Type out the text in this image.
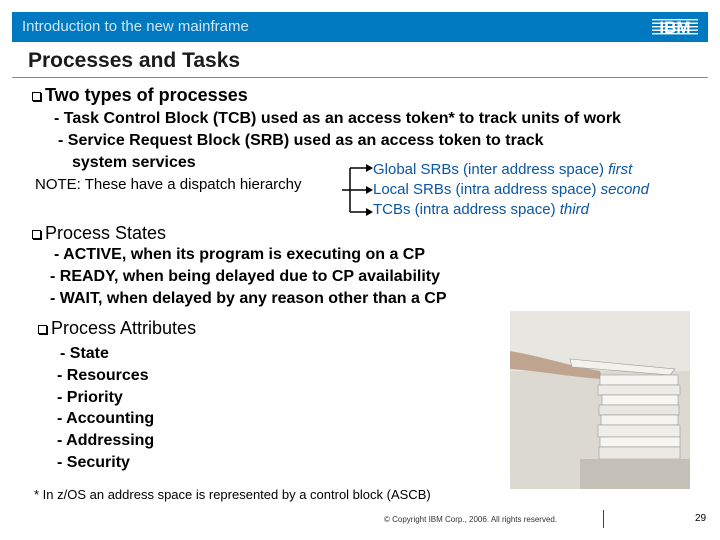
Introduction to the new mainframe	IBM
Processes and Tasks
Two types of processes
- Task Control Block (TCB) used as an access token* to track units of work
- Service Request Block (SRB) used as an access token to track
system services
NOTE: These have a dispatch hierarchy
Global SRBs (inter address space) first
Local SRBs (intra address space) second
TCBs (intra address space) third
Process States
- ACTIVE, when its program is executing on a CP
- READY, when being delayed due to CP availability
- WAIT, when delayed by any reason other than a CP
Process Attributes
- State
- Resources
- Priority
- Accounting
- Addressing
- Security
* In z/OS an address space is represented by a control block (ASCB)
© Copyright IBM Corp., 2006. All rights reserved.	29
